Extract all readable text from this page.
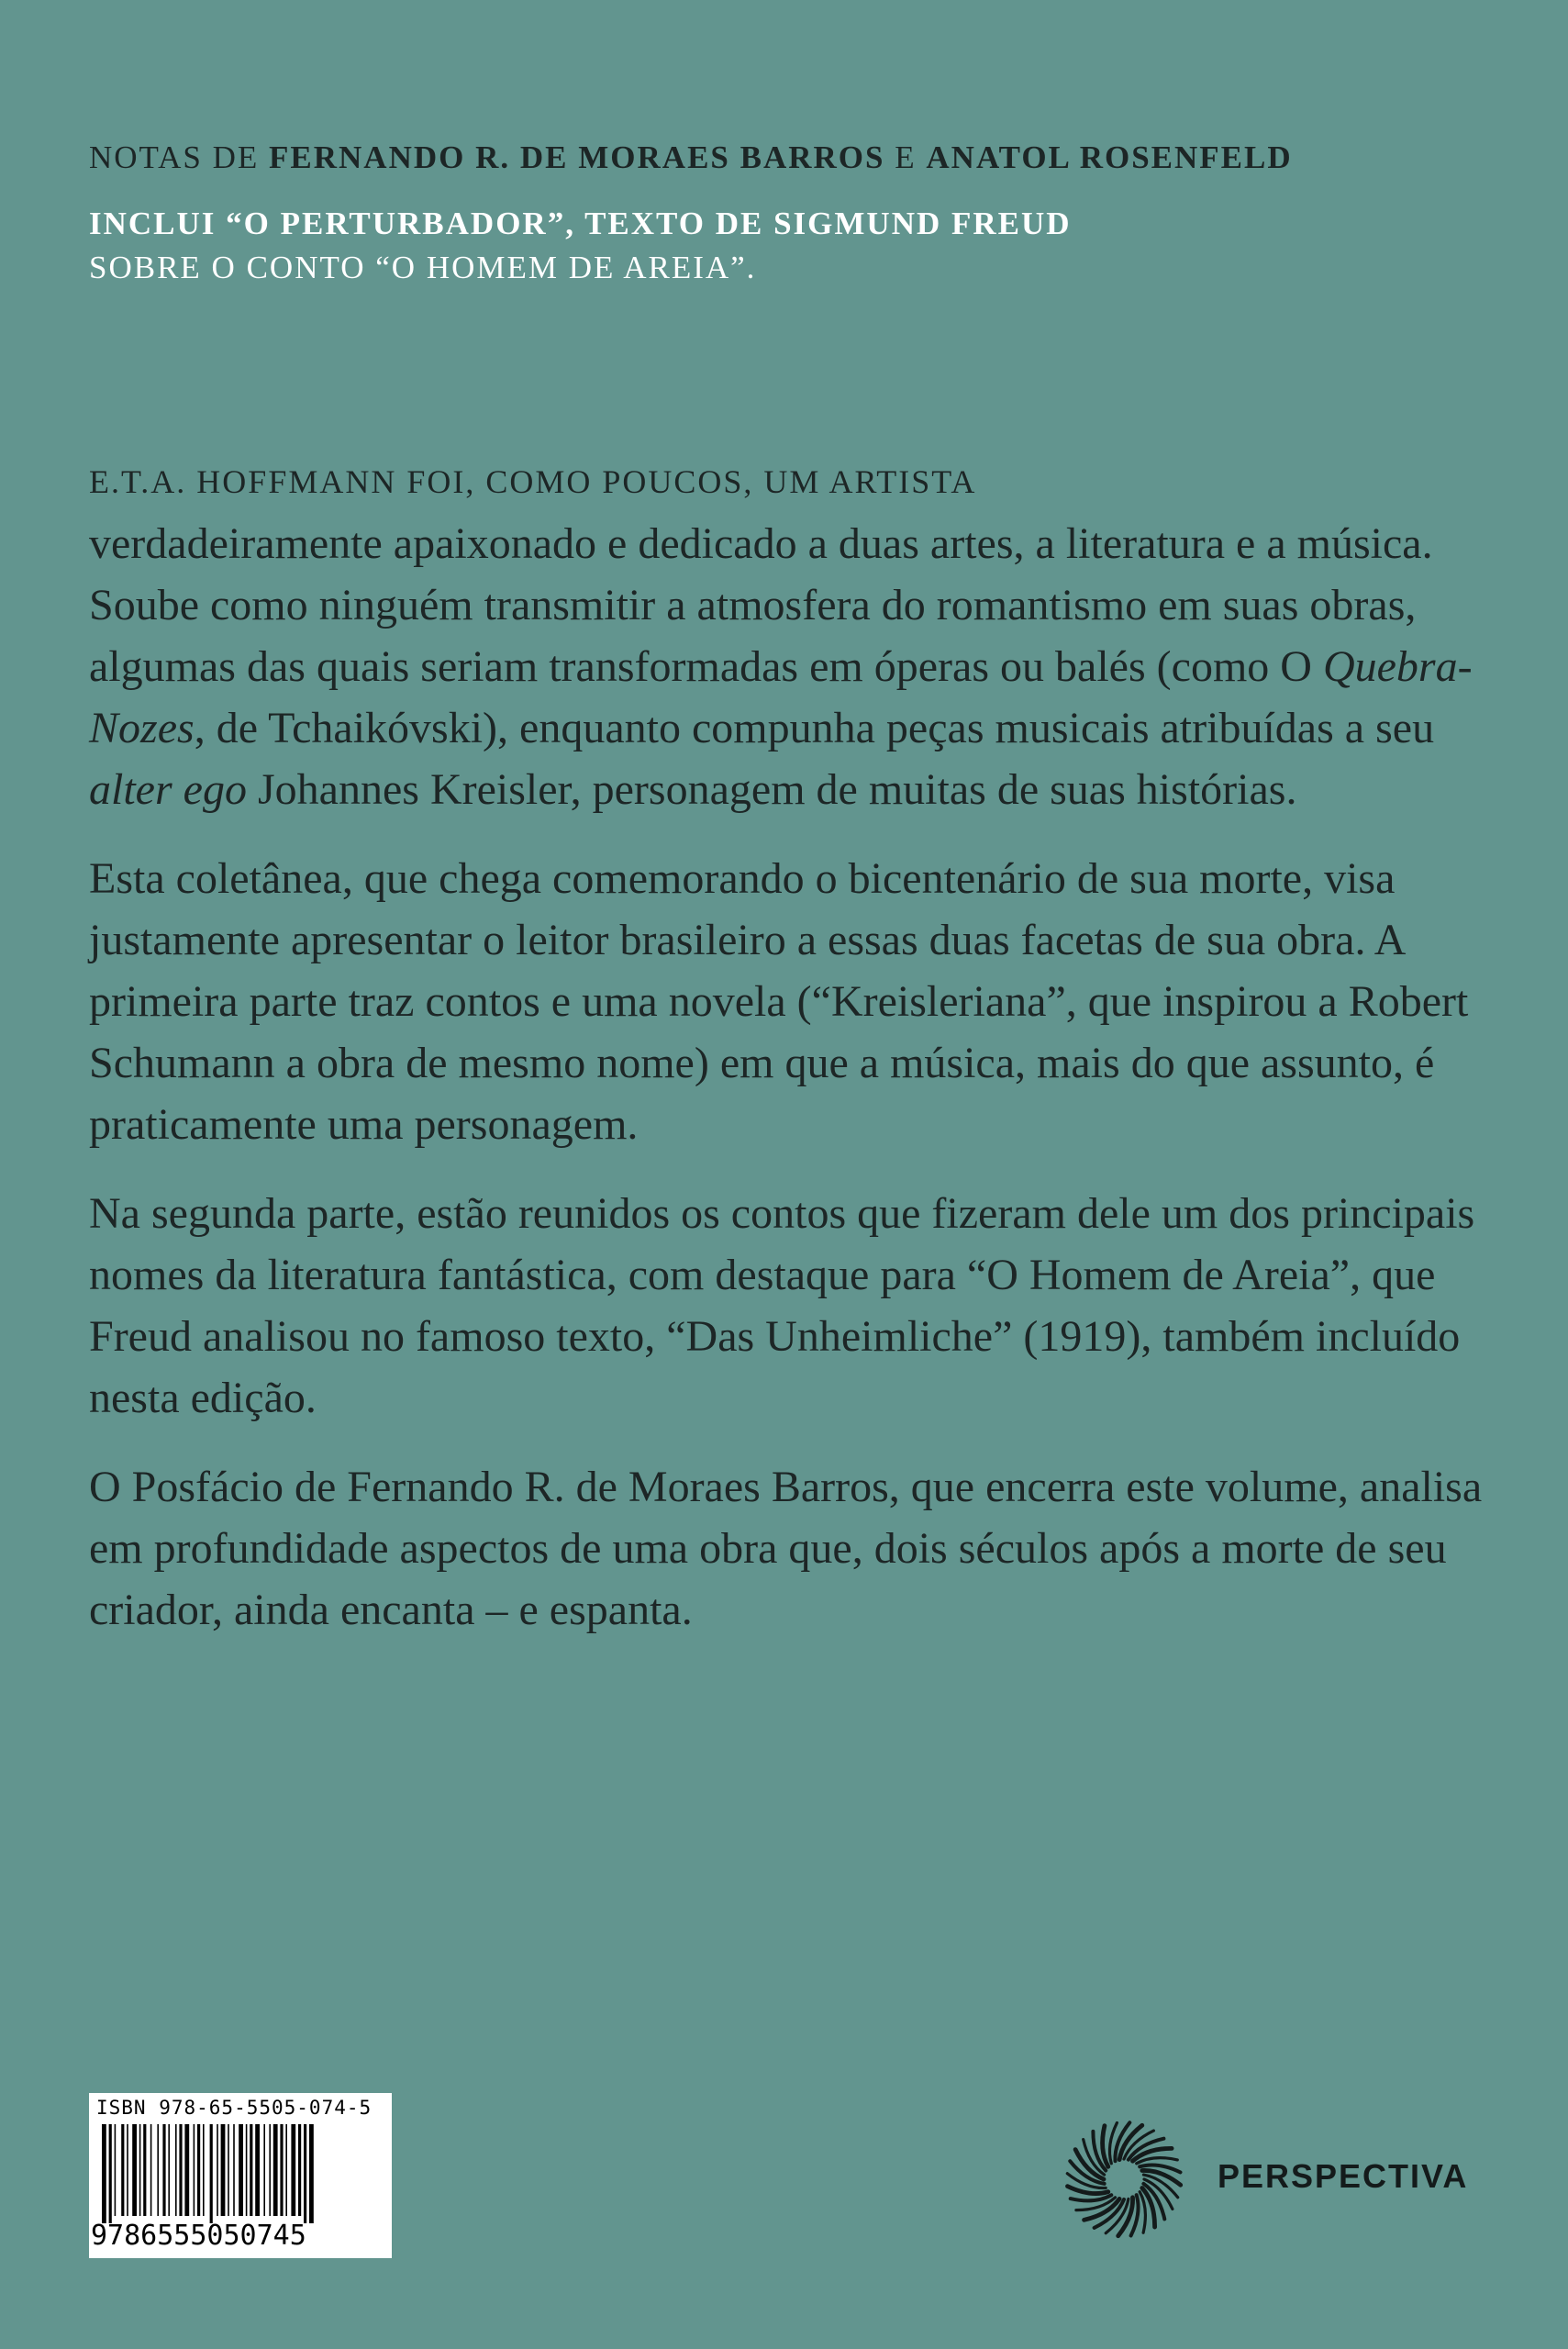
NOTAS DE FERNANDO R. DE MORAES BARROS E ANATOL ROSENFELD

INCLUI “O PERTURBADOR”, TEXTO DE SIGMUND FREUD
SOBRE O CONTO “O HOMEM DE AREIA”.

E.T.A. HOFFMANN FOI, COMO POUCOS, UM ARTISTA
verdadeiramente apaixonado e dedicado a duas artes, a literatura e a música. Soube como ninguém transmitir a atmosfera do romantismo em suas obras, algumas das quais seriam transformadas em óperas ou balés (como O Quebra-Nozes, de Tchaikóvski), enquanto compunha peças musicais atribuídas a seu alter ego Johannes Kreisler, personagem de muitas de suas histórias.

Esta coletânea, que chega comemorando o bicentenário de sua morte, visa justamente apresentar o leitor brasileiro a essas duas facetas de sua obra. A primeira parte traz contos e uma novela (“Kreisleriana”, que inspirou a Robert Schumann a obra de mesmo nome) em que a música, mais do que assunto, é praticamente uma personagem.

Na segunda parte, estão reunidos os contos que fizeram dele um dos principais nomes da literatura fantástica, com destaque para “O Homem de Areia”, que Freud analisou no famoso texto, “Das Unheimliche” (1919), também incluído nesta edição.

O Posfácio de Fernando R. de Moraes Barros, que encerra este volume, analisa em profundidade aspectos de uma obra que, dois séculos após a morte de seu criador, ainda encanta – e espanta.

ISBN 978-65-5505-074-5
9786555050745
PERSPECTIVA
